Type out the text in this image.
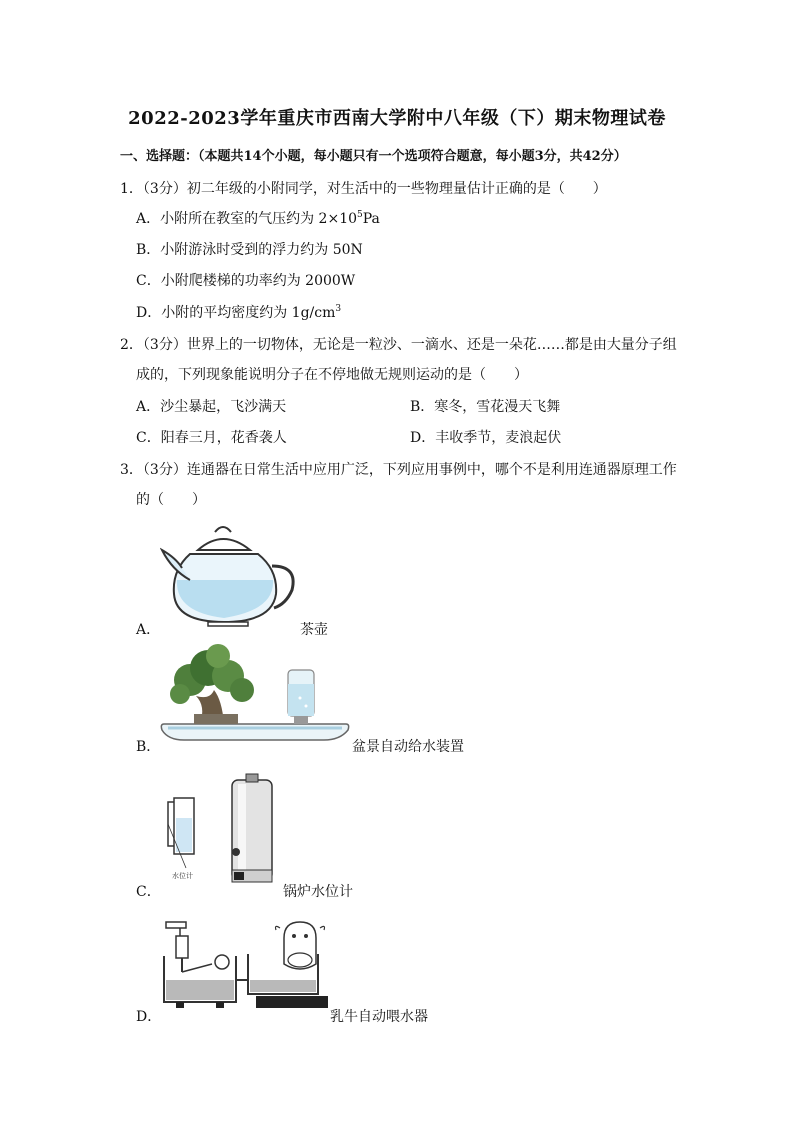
2022-2023学年重庆市西南大学附中八年级（下）期末物理试卷
一、选择题：（本题共14个小题，每小题只有一个选项符合题意，每小题3分，共42分）
1．（3分）初二年级的小附同学，对生活中的一些物理量估计正确的是（　　）
A．小附所在教室的气压约为 $2\times 10^5Pa$
B．小附游泳时受到的浮力约为 50N
C．小附爬楼梯的功率约为 2000W
D．小附的平均密度约为 $1g/cm^3$
2．（3分）世界上的一切物体，无论是一粒沙、一滴水、还是一朵花……都是由大量分子组
成的，下列现象能说明分子在不停地做无规则运动的是（　　）
A．沙尘暴起，飞沙满天	B．寒冬，雪花漫天飞舞
C．阳春三月，花香袭人	D．丰收季节，麦浪起伏
3．（3分）连通器在日常生活中应用广泛，下列应用事例中，哪个不是利用连通器原理工作
的（　　）
A．	茶壶
B．	盆景自动给水装置
水位计
C．	锅炉水位计
D．	乳牛自动喂水器
